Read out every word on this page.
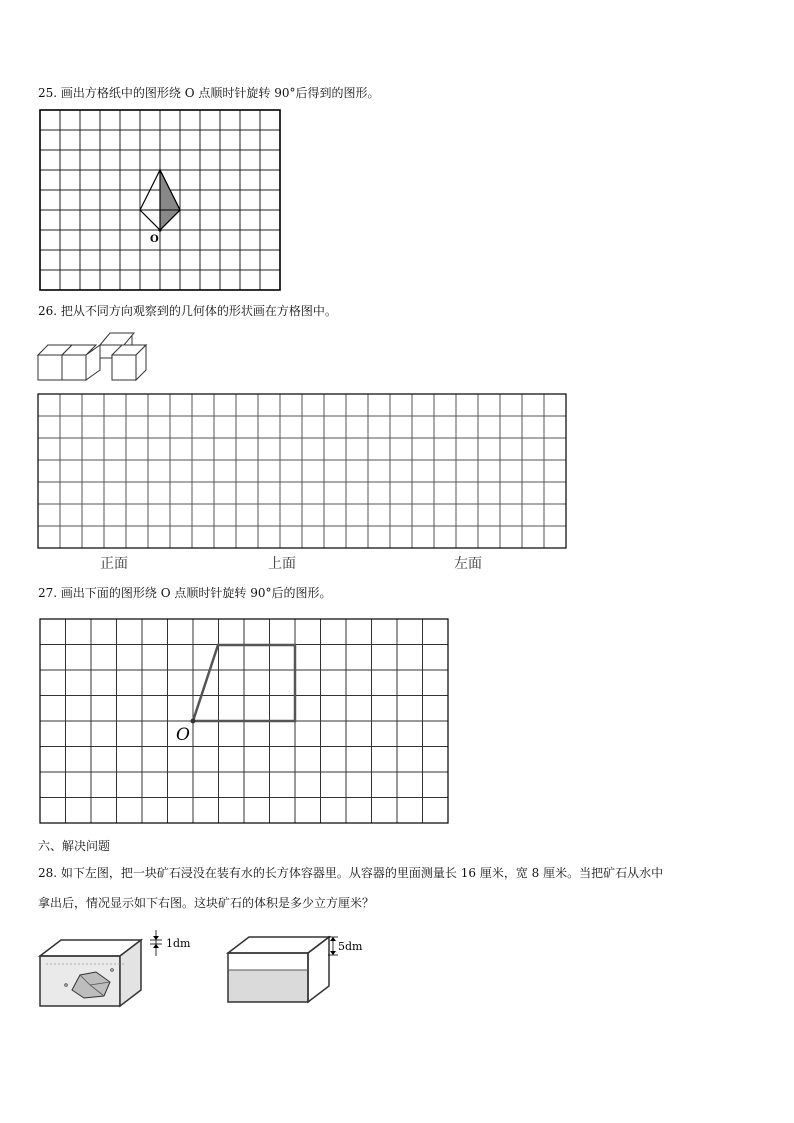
25. 画出方格纸中的图形绕 O 点顺时针旋转 90°后得到的图形。
26. 把从不同方向观察到的几何体的形状画在方格图中。
正面	上面	左面
27. 画出下面的图形绕 O 点顺时针旋转 90°后的图形。
六、解决问题
28. 如下左图，把一块矿石浸没在装有水的长方体容器里。从容器的里面测量长 16 厘米，宽 8 厘米。当把矿石从水中
拿出后，情况显示如下右图。这块矿石的体积是多少立方厘米？
O
O
1dm	5dm
